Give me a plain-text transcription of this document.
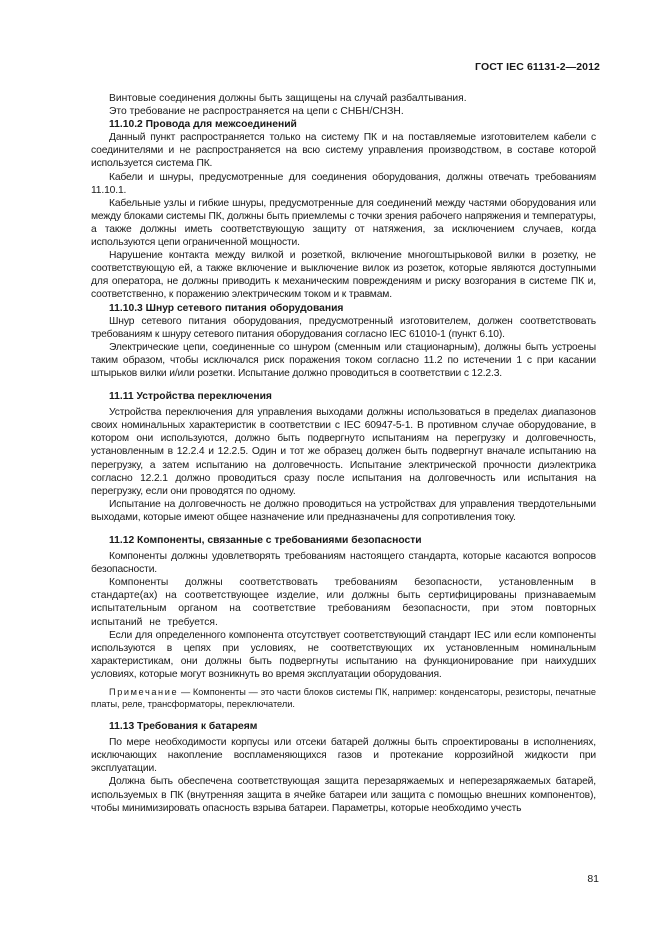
ГОСТ IEC 61131-2—2012

Винтовые соединения должны быть защищены на случай разбалтывания.

Это требование не распространяется на цепи с СНБН/СНЗН.

11.10.2 Провода для межсоединений

Данный пункт распространяется только на систему ПК и на поставляемые изготовителем кабели с соединителями и не распространяется на всю систему управления производством, в составе которой используется система ПК.

Кабели и шнуры, предусмотренные для соединения оборудования, должны отвечать требованиям 11.10.1.

Кабельные узлы и гибкие шнуры, предусмотренные для соединений между частями оборудования или между блоками системы ПК, должны быть приемлемы с точки зрения рабочего напряжения и температуры, а также должны иметь соответствующую защиту от натяжения, за исключением случаев, когда используются цепи ограниченной мощности.

Нарушение контакта между вилкой и розеткой, включение многоштырьковой вилки в розетку, не соответствующую ей, а также включение и выключение вилок из розеток, которые являются доступными для оператора, не должны приводить к механическим повреждениям и риску возгорания в системе ПК и, соответственно, к поражению электрическим током и к травмам.

11.10.3 Шнур сетевого питания оборудования

Шнур сетевого питания оборудования, предусмотренный изготовителем, должен соответствовать требованиям к шнуру сетевого питания оборудования согласно IEC 61010-1 (пункт 6.10).

Электрические цепи, соединенные со шнуром (сменным или стационарным), должны быть устроены таким образом, чтобы исключался риск поражения током согласно 11.2 по истечении 1 с при касании штырьков вилки и/или розетки. Испытание должно проводиться в соответствии с 12.2.3.

11.11 Устройства переключения

Устройства переключения для управления выходами должны использоваться в пределах диапазонов своих номинальных характеристик в соответствии с IEC 60947-5-1. В противном случае оборудование, в котором они используются, должно быть подвергнуто испытаниям на перегрузку и долговечность, установленным в 12.2.4 и 12.2.5. Один и тот же образец должен быть подвергнут вначале испытанию на перегрузку, а затем испытанию на долговечность. Испытание электрической прочности диэлектрика согласно 12.2.1 должно проводиться сразу после испытания на долговечность или испытания на перегрузку, если они проводятся по одному.

Испытание на долговечность не должно проводиться на устройствах для управления твердотельными выходами, которые имеют общее назначение или предназначены для сопротивления току.

11.12 Компоненты, связанные с требованиями безопасности

Компоненты должны удовлетворять требованиям настоящего стандарта, которые касаются вопросов безопасности.

Компоненты должны соответствовать требованиям безопасности, установленным в стандарте(ах) на соответствующее изделие, или должны быть сертифицированы признаваемым испытательным органом на соответствие требованиям безопасности, при этом повторных испытаний не требуется.

Если для определенного компонента отсутствует соответствующий стандарт IEC или если компоненты используются в цепях при условиях, не соответствующих их установленным номинальным характеристикам, они должны быть подвергнуты испытанию на функционирование при наихудших условиях, которые могут возникнуть во время эксплуатации оборудования.

Примечание — Компоненты — это части блоков системы ПК, например: конденсаторы, резисторы, печатные платы, реле, трансформаторы, переключатели.

11.13 Требования к батареям

По мере необходимости корпусы или отсеки батарей должны быть спроектированы в исполнениях, исключающих накопление воспламеняющихся газов и протекание коррозийной жидкости при эксплуатации.

Должна быть обеспечена соответствующая защита перезаряжаемых и неперезаряжаемых батарей, используемых в ПК (внутренняя защита в ячейке батареи или защита с помощью внешних компонентов), чтобы минимизировать опасность взрыва батареи. Параметры, которые необходимо учесть

81
